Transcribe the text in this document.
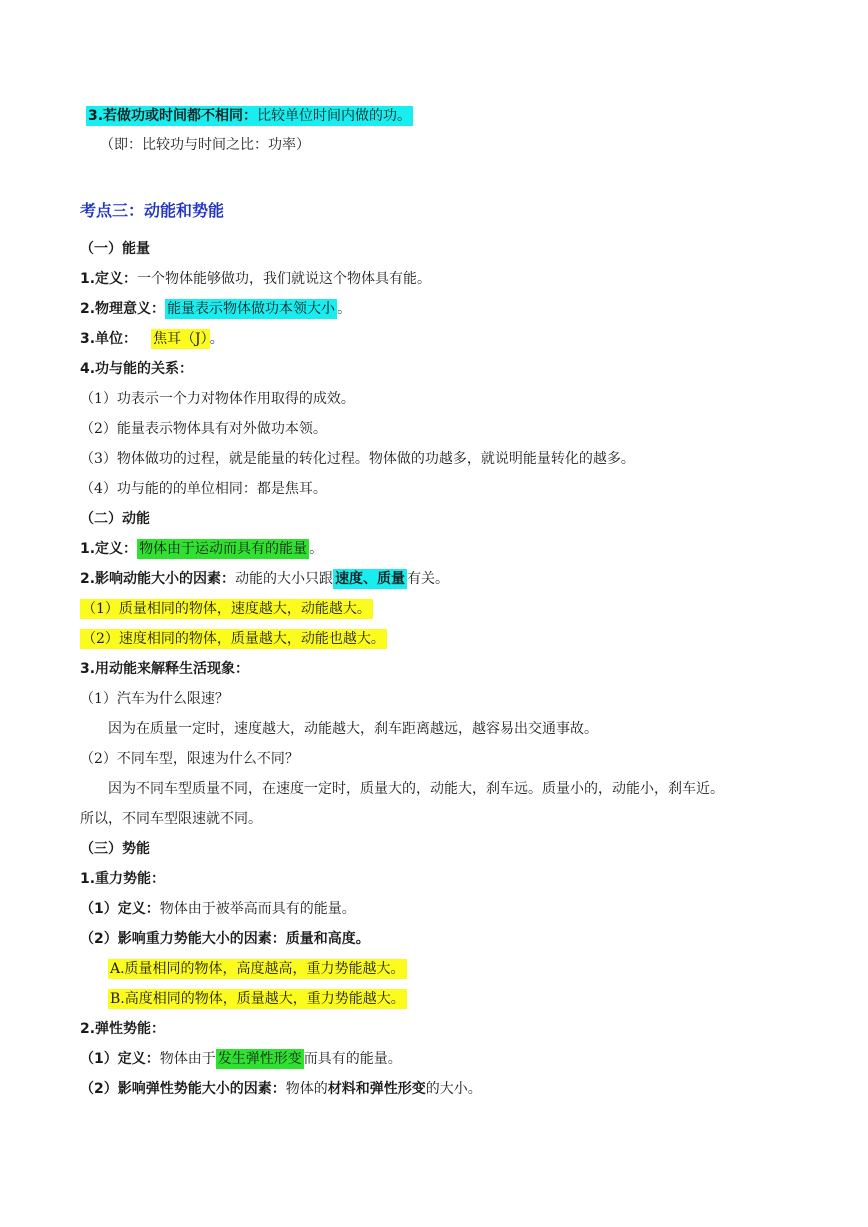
3.若做功或时间都不相同：比较单位时间内做的功。
（即：比较功与时间之比：功率）
考点三：动能和势能
（一）能量
1.定义：一个物体能够做功，我们就说这个物体具有能。
2.物理意义： 能量表示物体做功本领大小 。
3.单位： 焦耳（J） 。
4.功与能的关系：
（1）功表示一个力对物体作用取得的成效。
（2）能量表示物体具有对外做功本领。
（3）物体做功的过程，就是能量的转化过程。物体做的功越多，就说明能量转化的越多。
（4）功与能的的单位相同：都是焦耳。
（二）动能
1.定义： 物体由于运动而具有的能量 。
2.影响动能大小的因素：动能的大小只跟 速度、质量 有关。
（1）质量相同的物体，速度越大，动能越大。
（2）速度相同的物体，质量越大，动能也越大。
3.用动能来解释生活现象：
（1）汽车为什么限速？
因为在质量一定时，速度越大，动能越大，刹车距离越远，越容易出交通事故。
（2）不同车型，限速为什么不同？
因为不同车型质量不同，在速度一定时，质量大的，动能大，刹车远。质量小的，动能小，刹车近。
所以，不同车型限速就不同。
（三）势能
1.重力势能：
（1）定义：物体由于被举高而具有的能量。
（2）影响重力势能大小的因素：质量和高度。
A.质量相同的物体，高度越高，重力势能越大。
B.高度相同的物体，质量越大，重力势能越大。
2.弹性势能：
（1）定义：物体由于 发生弹性形变 而具有的能量。
（2）影响弹性势能大小的因素：物体的材料和弹性形变的大小。
